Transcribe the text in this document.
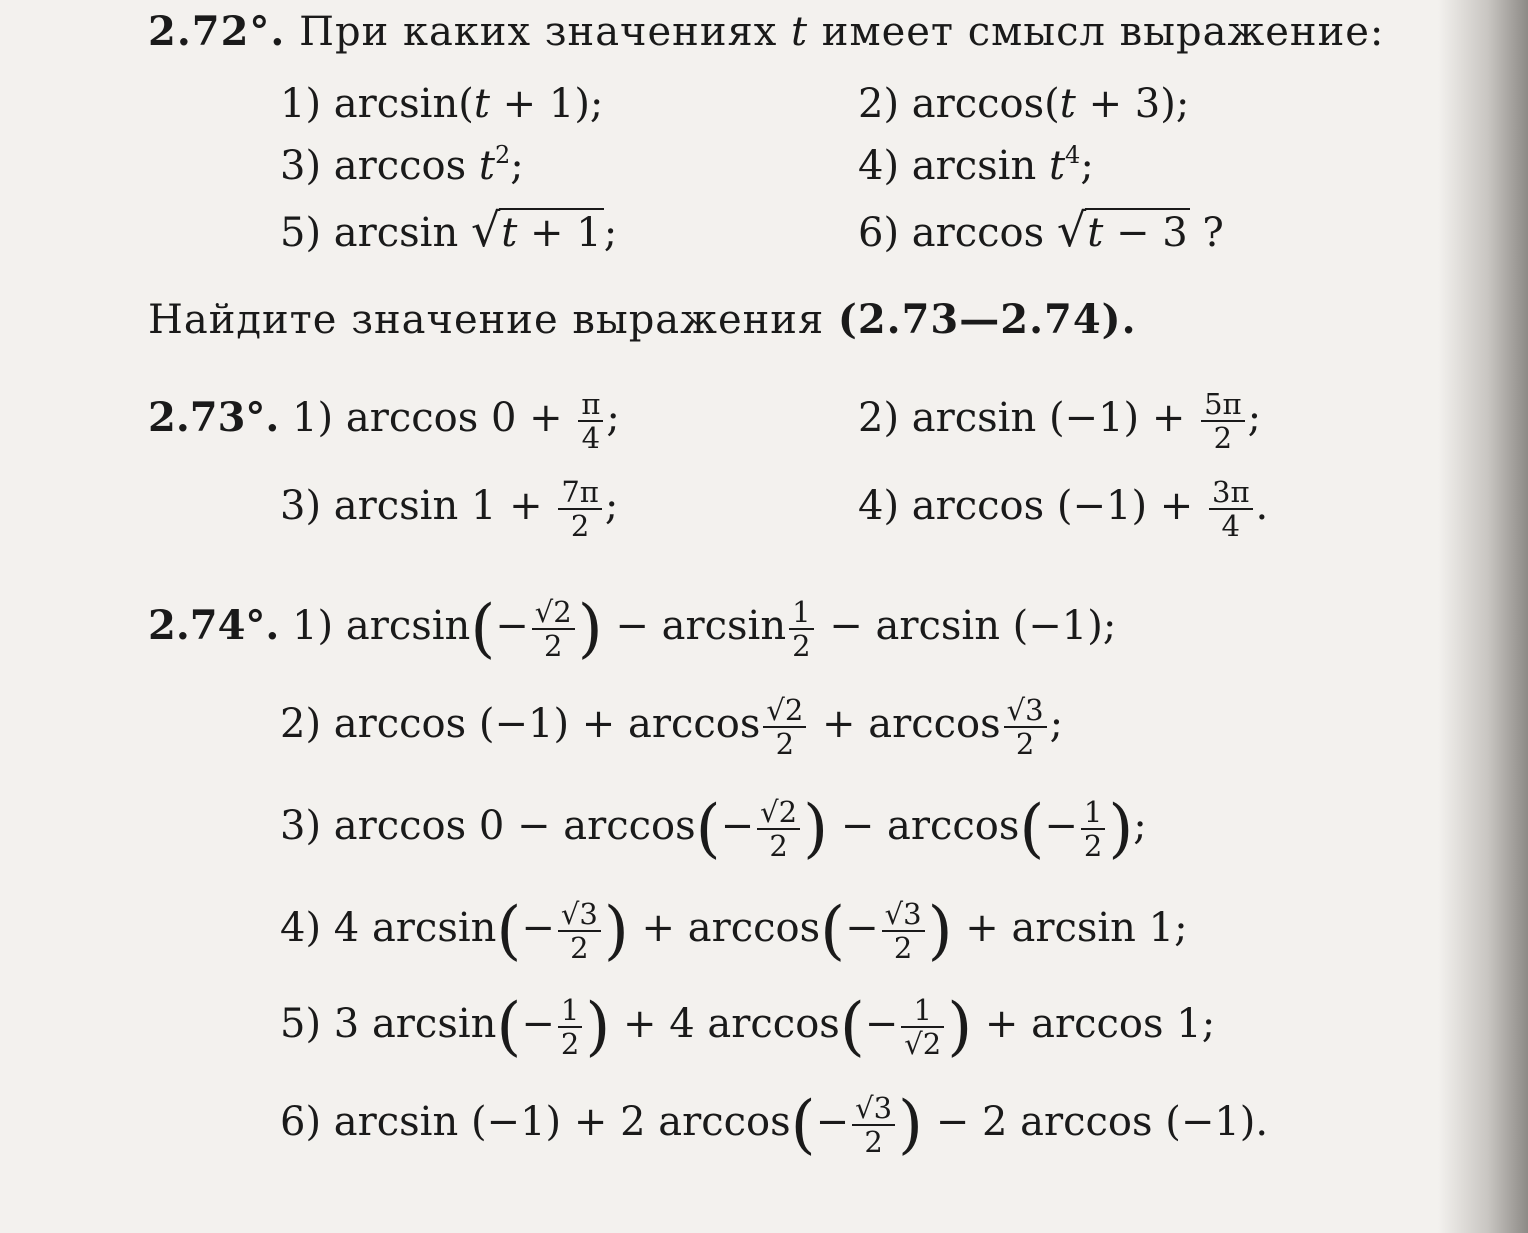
2.72°. При каких значениях t имеет смысл выражение:
1) arcsin(t + 1);	2) arccos(t + 3);
3) $\arccos t^2$;	4) $\arcsin t^4$;
5) arcsin √t + 1;	6) arccos √t − 3 ?
Найдите значение выражения (2.73—2.74).
2.73°. 1) $\arccos 0 + \frac{\pi}{4}$ ;	2) $\arcsin (-1) + \frac{5\pi}{2}$ ;
3) $\arcsin 1 + \frac{7\pi}{2}$ ;	4) $\arccos (-1) + \frac{3\pi}{4}$ .
2.74°. 1) $\arcsin(- \frac{√2}{2}$ ) − $\arcsin \frac{1}{2} - \arcsin (-1)$;
2) $\arccos (-1) + \arccos \frac{√2}{2} + \arccos \frac{√3}{2}$ ;
3) $\arccos 0 - \arccos(- \frac{√2}{2}$ ) − $\arccos(- \frac{1}{2}$ );
4) 4 $\arcsin(- \frac{√3}{2}$ ) + $\arccos(- \frac{√3}{2}$ ) + arcsin 1;
5) 3 $\arcsin(- \frac{1}{2}$ ) + 4 $\arccos(- \frac{1}{√2}$ ) + arccos 1;
6) arcsin (−1) + 2 $\arccos(- \frac{√3}{2}$ ) − 2 arccos (−1).
